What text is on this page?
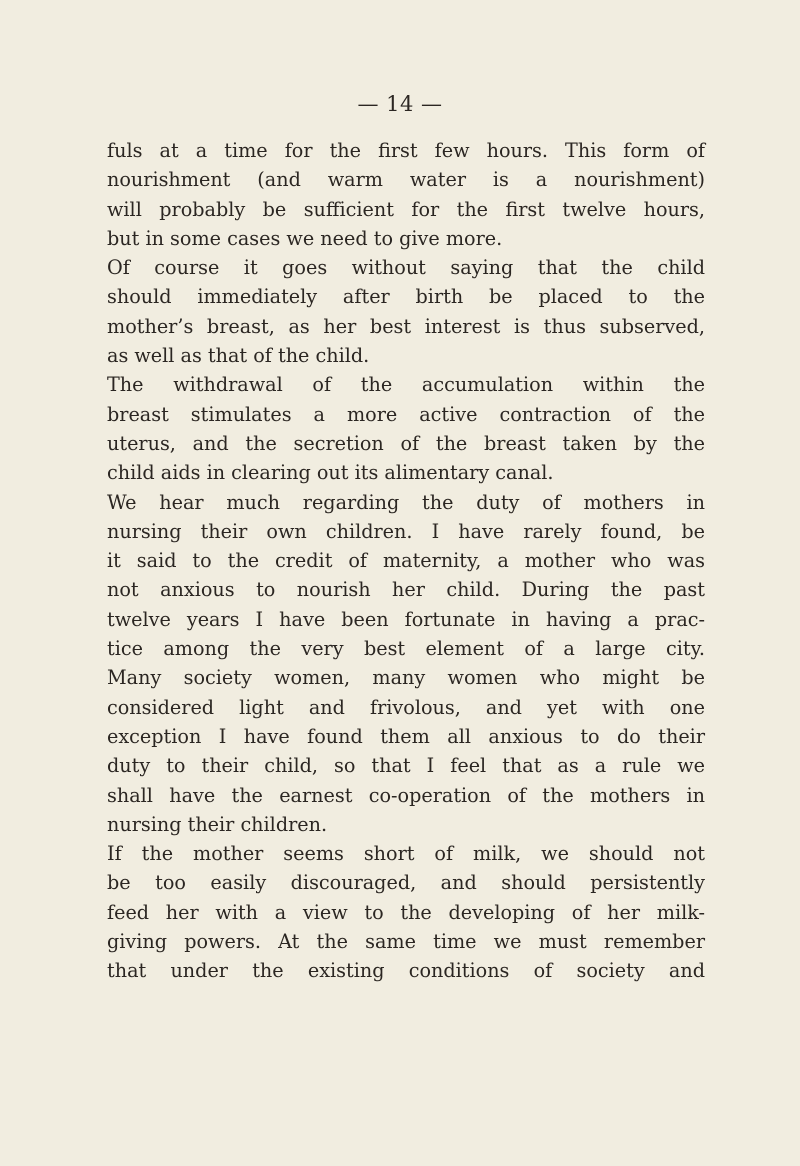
— 14 —
fuls at a time for the first few hours. This form of
nourishment (and warm water is a nourishment)
will probably be sufficient for the first twelve hours,
but in some cases we need to give more.
Of course it goes without saying that the child
should immediately after birth be placed to the
mother’s breast, as her best interest is thus subserved,
as well as that of the child.
The withdrawal of the accumulation within the
breast stimulates a more active contraction of the
uterus, and the secretion of the breast taken by the
child aids in clearing out its alimentary canal.
We hear much regarding the duty of mothers in
nursing their own children. I have rarely found, be
it said to the credit of maternity, a mother who was
not anxious to nourish her child. During the past
twelve years I have been fortunate in having a prac-
tice among the very best element of a large city.
Many society women, many women who might be
considered light and frivolous, and yet with one
exception I have found them all anxious to do their
duty to their child, so that I feel that as a rule we
shall have the earnest co-operation of the mothers in
nursing their children.
If the mother seems short of milk, we should not
be too easily discouraged, and should persistently
feed her with a view to the developing of her milk-
giving powers. At the same time we must remember
that under the existing conditions of society and
